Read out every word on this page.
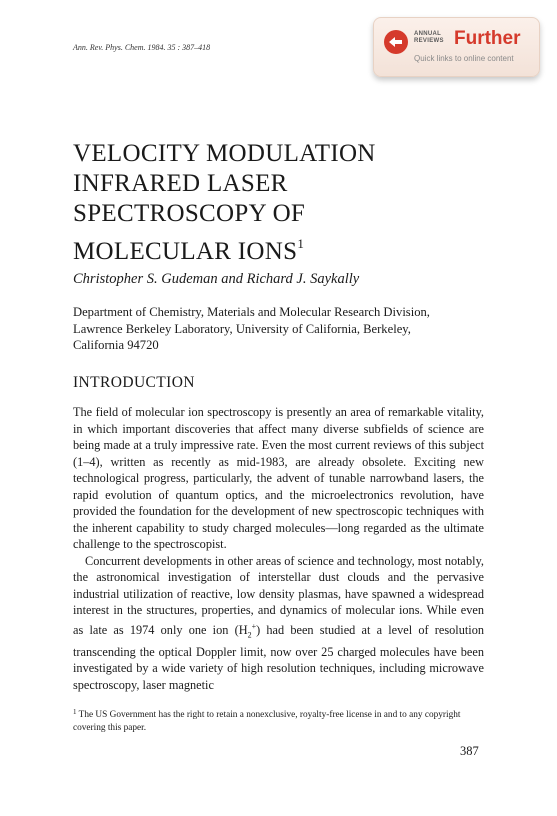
Ann. Rev. Phys. Chem. 1984. 35 : 387–418
ANNUAL
REVIEWS Further
Quick links to online content
VELOCITY MODULATION
INFRARED LASER
SPECTROSCOPY OF
MOLECULAR IONS$^1$
Christopher S. Gudeman and Richard J. Saykally
Department of Chemistry, Materials and Molecular Research Division,
Lawrence Berkeley Laboratory, University of California, Berkeley,
California 94720
INTRODUCTION

The field of molecular ion spectroscopy is presently an area of remarkable vitality, in which important discoveries that affect many diverse subfields of science are being made at a truly impressive rate. Even the most current reviews of this subject (1–4), written as recently as mid-1983, are already obsolete. Exciting new technological progress, particularly, the advent of tunable narrowband lasers, the rapid evolution of quantum optics, and the microelectronics revolution, have provided the foundation for the development of new spectroscopic techniques with the inherent capability to study charged molecules—long regarded as the ultimate challenge to the spectroscopist.

Concurrent developments in other areas of science and technology, most notably, the astronomical investigation of interstellar dust clouds and the pervasive industrial utilization of reactive, low density plasmas, have spawned a widespread interest in the structures, properties, and dynamics of molecular ions. While even as late as 1974 only one ion $(H_2^+)$ had been studied at a level of resolution transcending the optical Doppler limit, now over 25 charged molecules have been investigated by a wide variety of high resolution techniques, including microwave spectroscopy, laser magnetic

$^1$ The US Government has the right to retain a nonexclusive, royalty-free license in and to any copyright covering this paper.
387
